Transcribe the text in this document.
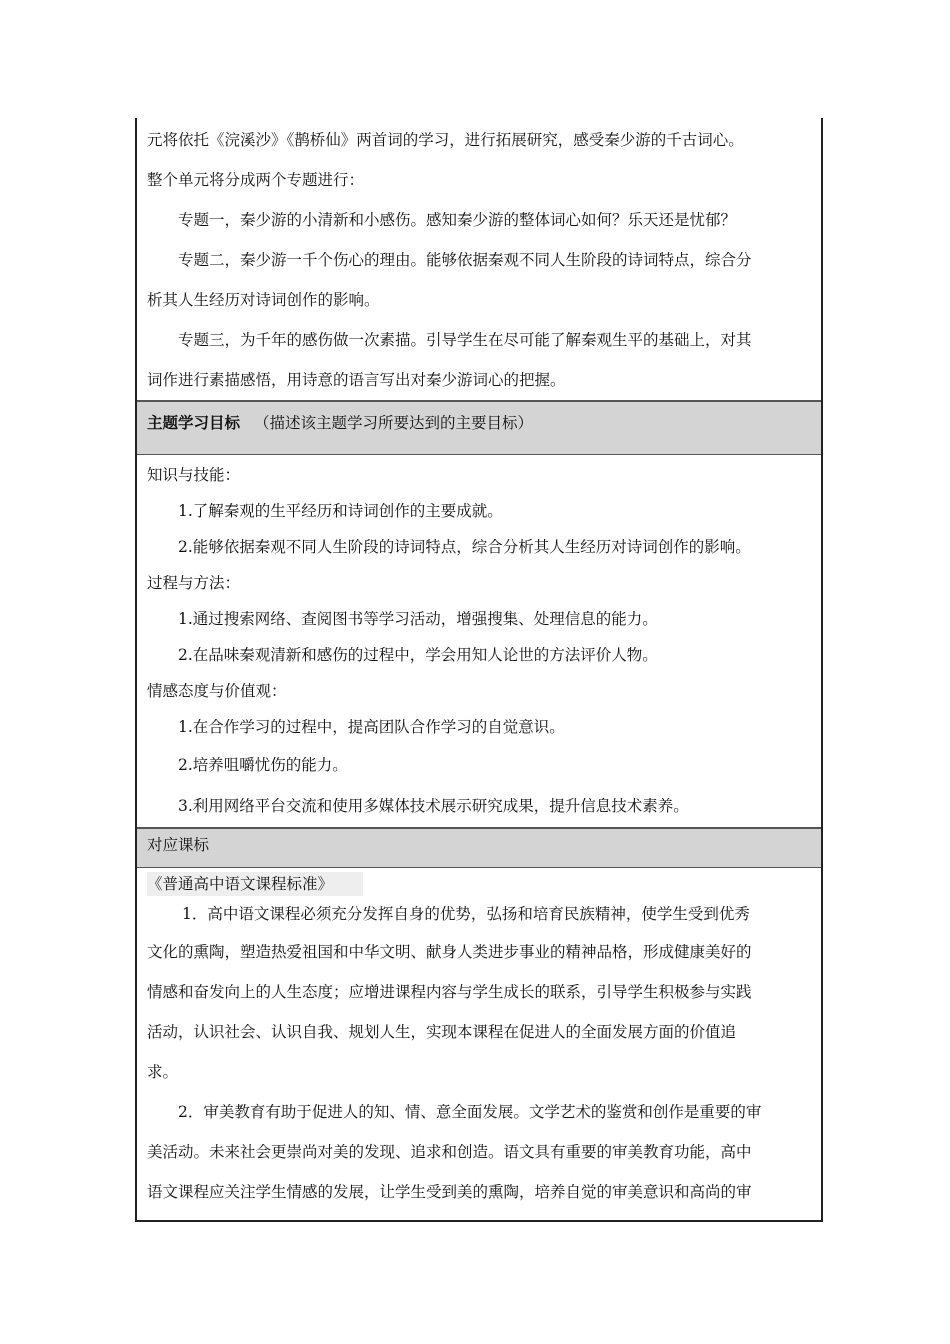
元将依托《浣溪沙》《鹊桥仙》两首词的学习，进行拓展研究，感受秦少游的千古词心。
整个单元将分成两个专题进行：
专题一，秦少游的小清新和小感伤。感知秦少游的整体词心如何？乐天还是忧郁？
专题二，秦少游一千个伤心的理由。能够依据秦观不同人生阶段的诗词特点，综合分
析其人生经历对诗词创作的影响。
专题三，为千年的感伤做一次素描。引导学生在尽可能了解秦观生平的基础上，对其
词作进行素描感悟，用诗意的语言写出对秦少游词心的把握。
主题学习目标 （描述该主题学习所要达到的主要目标）
知识与技能：
1.了解秦观的生平经历和诗词创作的主要成就。
2.能够依据秦观不同人生阶段的诗词特点，综合分析其人生经历对诗词创作的影响。
过程与方法：
1.通过搜索网络、查阅图书等学习活动，增强搜集、处理信息的能力。
2.在品味秦观清新和感伤的过程中，学会用知人论世的方法评价人物。
情感态度与价值观：
1.在合作学习的过程中，提高团队合作学习的自觉意识。
2.培养咀嚼忧伤的能力。
3.利用网络平台交流和使用多媒体技术展示研究成果，提升信息技术素养。
对应课标
《普通高中语文课程标准》
1．高中语文课程必须充分发挥自身的优势，弘扬和培育民族精神，使学生受到优秀
文化的熏陶，塑造热爱祖国和中华文明、献身人类进步事业的精神品格，形成健康美好的
情感和奋发向上的人生态度；应增进课程内容与学生成长的联系，引导学生积极参与实践
活动，认识社会、认识自我、规划人生，实现本课程在促进人的全面发展方面的价值追
求。
2．审美教育有助于促进人的知、情、意全面发展。文学艺术的鉴赏和创作是重要的审
美活动。未来社会更崇尚对美的发现、追求和创造。语文具有重要的审美教育功能，高中
语文课程应关注学生情感的发展，让学生受到美的熏陶，培养自觉的审美意识和高尚的审
